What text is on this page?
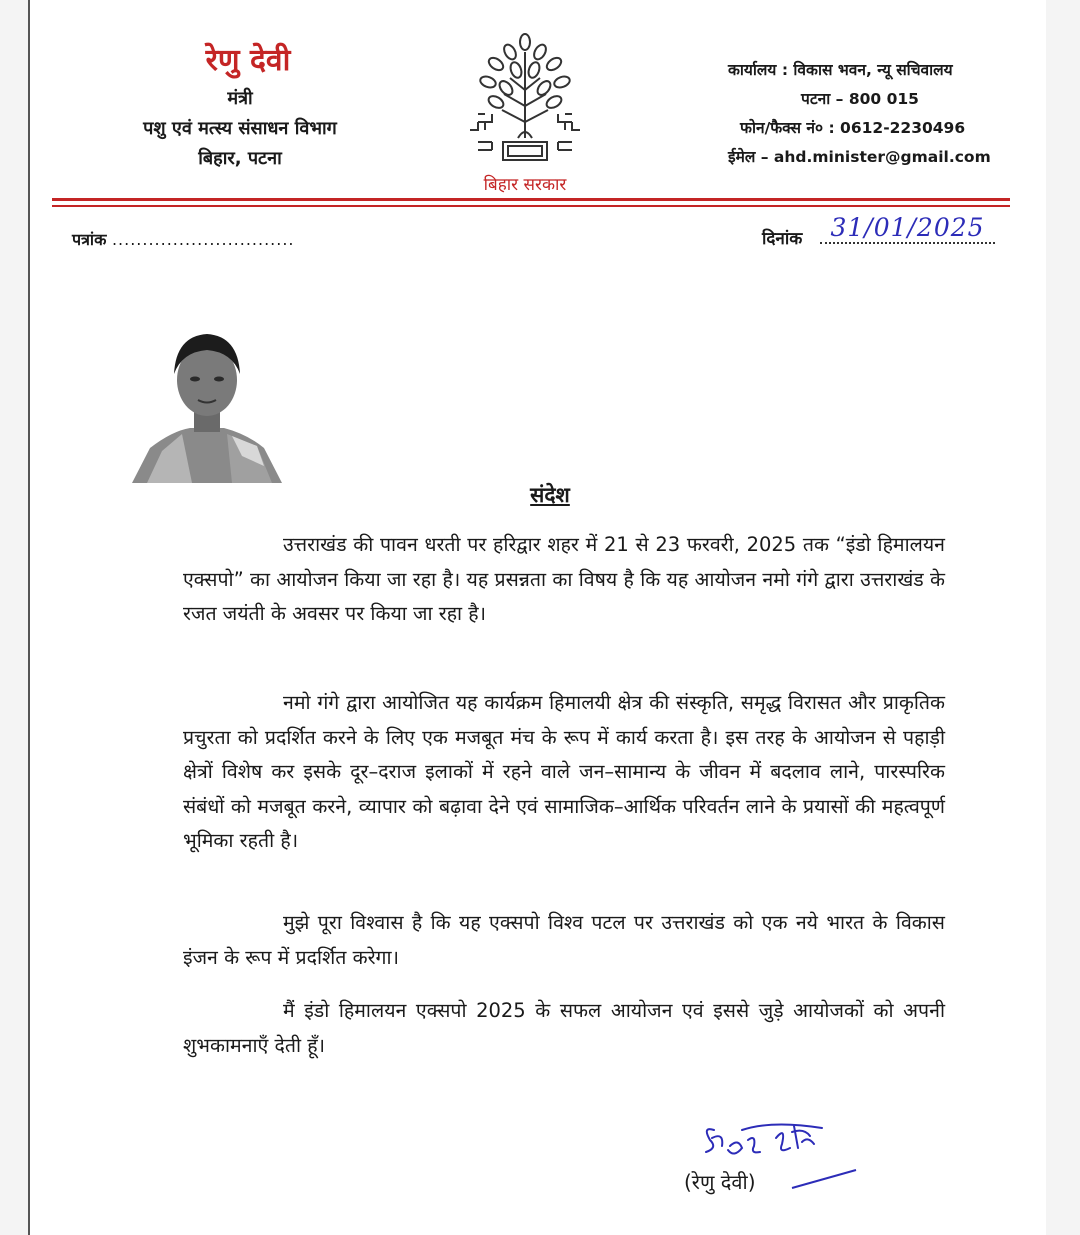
रेणु देवी
मंत्री
पशु एवं मत्स्य संसाधन विभाग
बिहार, पटना
बिहार सरकार
कार्यालय : विकास भवन, न्यू सचिवालय
पटना – 800 015
फोन/फैक्स नं० : 0612-2230496
ईमेल – ahd.minister@gmail.com
पत्रांक ..............................	दिनांक	31/01/2025
संदेश

उत्तराखंड की पावन धरती पर हरिद्वार शहर में 21 से 23 फरवरी, 2025 तक “इंडो हिमालयन एक्सपो” का आयोजन किया जा रहा है। यह प्रसन्नता का विषय है कि यह आयोजन नमो गंगे द्वारा उत्तराखंड के रजत जयंती के अवसर पर किया जा रहा है।

नमो गंगे द्वारा आयोजित यह कार्यक्रम हिमालयी क्षेत्र की संस्कृति, समृद्ध विरासत और प्राकृतिक प्रचुरता को प्रदर्शित करने के लिए एक मजबूत मंच के रूप में कार्य करता है। इस तरह के आयोजन से पहाड़ी क्षेत्रों विशेष कर इसके दूर–दराज इलाकों में रहने वाले जन–सामान्य के जीवन में बदलाव लाने, पारस्परिक संबंधों को मजबूत करने, व्यापार को बढ़ावा देने एवं सामाजिक–आर्थिक परिवर्तन लाने के प्रयासों की महत्वपूर्ण भूमिका रहती है।

मुझे पूरा विश्वास है कि यह एक्सपो विश्व पटल पर उत्तराखंड को एक नये भारत के विकास इंजन के रूप में प्रदर्शित करेगा।

मैं इंडो हिमालयन एक्सपो 2025 के सफल आयोजन एवं इससे जुड़े आयोजकों को अपनी शुभकामनाएँ देती हूँ।

(रेणु देवी)
